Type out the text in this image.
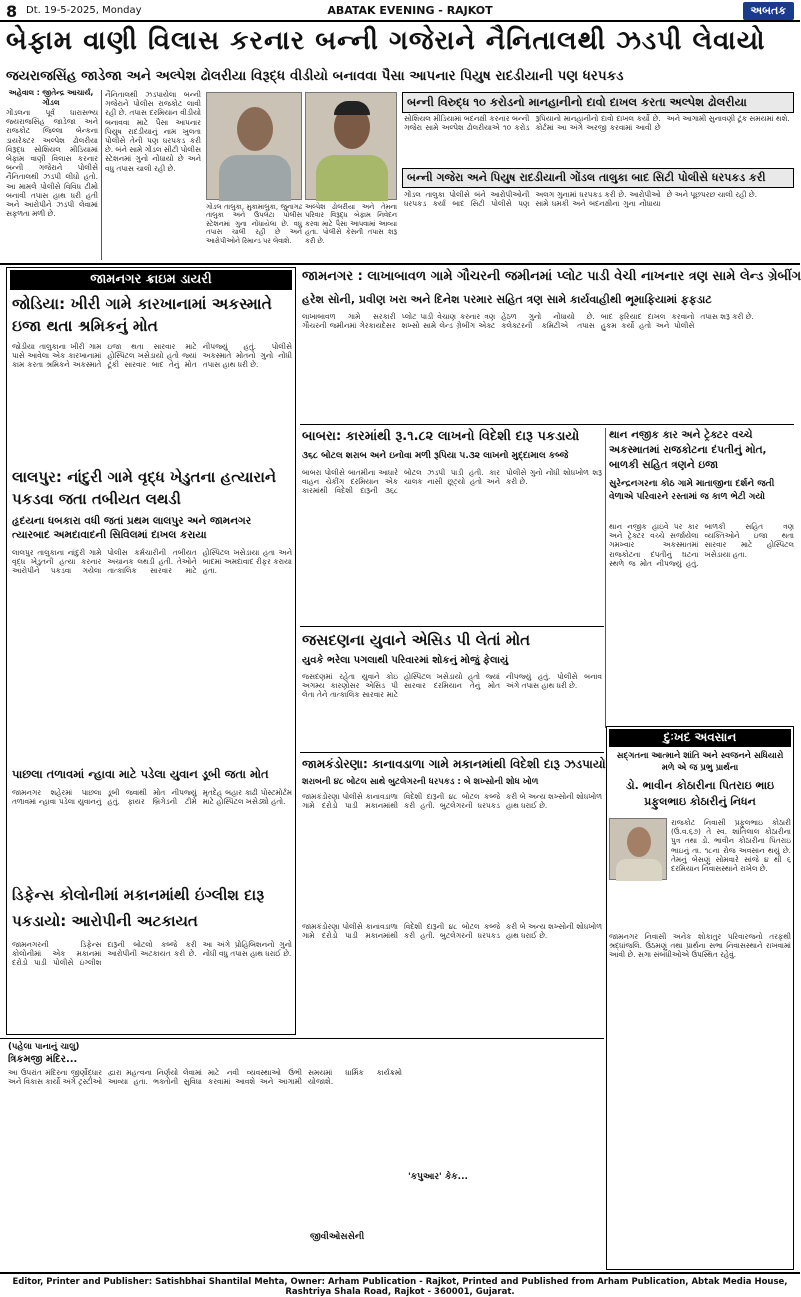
8 Dt. 19-5-2025, Monday	ABATAK EVENING - RAJKOT	અબતક
બેફામ વાણી વિલાસ કરનાર બન્ની ગજેરાને નૈનિતાલથી ઝડપી લેવાયો
જયરાજસિંહ જાડેજા અને અલ્પેશ ઢોલરીયા વિરૂદ્ધ વીડીયો બનાવવા પૈસા આપનાર પિયુષ રાદડીયાની પણ ધરપકડ
અહેવાલ : જીતેન્દ્ર આચાર્ય, ગોંડલ
ગોંડલના પૂર્વ ધારાસભ્ય જયરાજસિંહ જાડેજા અને રાજકોટ જિલ્લા બેન્કના ડાયરેક્ટર અલ્પેશ ઢોલરીયા વિરૂદ્ધ સોશિયલ મીડિયામાં બેફામ વાણી વિલાસ કરનાર બન્ની ગજેરાને પોલીસે નૈનિતાલથી ઝડપી લીધો હતો. આ મામલે પોલીસે વિવિધ ટીમો બનાવી તપાસ હાથ ધરી હતી અને આરોપીને ઝડપી લેવામાં સફળતા મળી છે.
નૈનિતાલથી ઝડપાયેલા બન્ની ગજેરાને પોલીસ રાજકોટ લાવી રહી છે. તપાસ દરમિયાન વીડીયો બનાવવા માટે પૈસા આપનાર પિયુષ રાદડીયાનું નામ ખુલતા પોલીસે તેની પણ ધરપકડ કરી છે. બંને સામે ગોંડલ સીટી પોલીસ સ્ટેશનમાં ગુનો નોંધાયો છે અને વધુ તપાસ ચાલી રહી છે.
ગોંડલ તાલુકા, મુકામાલુકા, જુનાગઢ તાલુકા અને ઉપલેટા પોલીસ સ્ટેશનમાં ગુના નોંધાયેલા છે. વધુ તપાસ ચાલી રહી છે અને આરોપીઓને રિમાન્ડ પર લેવાશે.
અલ્પેશ ઢોલરીયા અને તેમના પરિવાર વિરૂદ્ધ બેફામ નિવેદન કરવા માટે પૈસા આપવામાં આવ્યા હતા. પોલીસે કેસની તપાસ શરૂ કરી છે.
બન્ની વિરુદ્ધ ૧૦ કરોડનો માનહાનીનો દાવો દાખલ કરતા અલ્પેશ ઢોલરીયા
સોશિયલ મીડિયામાં બદનક્ષી કરનાર બન્ની ગજેરા સામે અલ્પેશ ઢોલરીયાએ ૧૦ કરોડ રૂપિયાનો માનહાનીનો દાવો દાખલ કર્યો છે. કોર્ટમાં આ અંગે અરજી કરવામાં આવી છે અને આગામી સુનાવણી ટૂંક સમયમાં થશે.
બન્ની ગજેરા અને પિયુષ રાદડીયાની ગોંડલ તાલુકા બાદ સિટી પોલીસે ધરપકડ કરી
ગોંડલ તાલુકા પોલીસે બંને આરોપીઓની ધરપકડ કર્યા બાદ સિટી પોલીસે પણ અલગ ગુનામાં ધરપકડ કરી છે. આરોપીઓ સામે ધમકી અને બદનક્ષીના ગુના નોંધાયા છે અને પૂછપરછ ચાલી રહી છે.
જામનગર ક્રાઇમ ડાયરી
જોડિયા: ખીરી ગામે કારખાનામાં અકસ્માતે ઇજા થતા શ્રમિકનું મોત
જોડીયા તાલુકાના ખીરી ગામ પાસે આવેલા એક કારખાનામાં કામ કરતા શ્રમિકને અકસ્માતે ઇજા થતા સારવાર માટે હોસ્પિટલ ખસેડાયો હતો જ્યાં ટૂંકી સારવાર બાદ તેનું મોત નીપજ્યું હતું. પોલીસે અકસ્માતે મોતનો ગુનો નોંધી તપાસ હાથ ધરી છે.
લાલપુર: નાંદુરી ગામે વૃદ્ધ ખેડુતના હત્યારાને પકડવા જતા તબીયત લથડી
હૃદયના ધબકારા વધી જતાં પ્રથમ લાલપુર અને જામનગર ત્યારબાદ અમદાવાદની સિવિલમાં દાખલ કરાયા
લાલપુર તાલુકાના નાંદુરી ગામે વૃદ્ધ ખેડુતની હત્યા કરનાર આરોપીને પકડવા ગયેલા પોલીસ કર્મચારીની તબીયત અચાનક લથડી હતી. તેઓને તાત્કાલિક સારવાર માટે હોસ્પિટલ ખસેડાયા હતા અને બાદમાં અમદાવાદ રીફર કરાયા હતા.
પાછલા તળાવમાં ન્હાવા માટે પડેલા યુવાન ડૂબી જતા મોત
જામનગર શહેરમાં પાછલા તળાવમાં ન્હાવા પડેલા યુવાનનું ડૂબી જવાથી મોત નીપજ્યું હતું. ફાયર બ્રિગેડની ટીમે મૃતદેહ બહાર કાઢી પોસ્ટમોર્ટમ માટે હોસ્પિટલ ખસેડ્યો હતો.
ડિફેન્સ કોલોનીમાં મકાનમાંથી ઇંગ્લીશ દારૂ પકડાયો: આરોપીની અટકાયત
જામનગરની ડિફેન્સ કોલોનીમાં એક મકાનમાં દરોડો પાડી પોલીસે ઇંગ્લીશ દારૂની બોટલો કબ્જે કરી આરોપીની અટકાયત કરી છે. આ અંગે પ્રોહિબિશનનો ગુનો નોંધી વધુ તપાસ હાથ ધરાઈ છે.
જામનગર : લાખાબાવળ ગામે ગૌચરની જમીનમાં પ્લોટ પાડી વેચી નાખનાર ત્રણ સામે લેન્ડ ગ્રેબીંગ
હરેશ સોની, પ્રવીણ ખરા અને દિનેશ પરમાર સહિત ત્રણ સામે કાર્યવાહીથી ભૂમાફિયામાં ફફડાટ
લાખાબાવળ ગામે સરકારી ગૌચરની જમીનમાં ગેરકાયદેસર પ્લોટ પાડી વેચાણ કરનાર ત્રણ શખ્સો સામે લેન્ડ ગ્રેબીંગ એક્ટ હેઠળ ગુનો નોંધાયો છે. કલેક્ટરની કમિટીએ તપાસ બાદ ફરિયાદ દાખલ કરવાનો હુકમ કર્યો હતો અને પોલીસે તપાસ શરૂ કરી છે.
બાબરા: કારમાંથી રૂ.૧.૮૨ લાખનો વિદેશી દારૂ પકડાયો
૩૬૮ બોટલ શરાબ અને ઇનોવા મળી રૂપિયા ૫.૩૨ લાખનો મુદ્દામાલ કબ્જે
બાબરા પોલીસે બાતમીના આધારે વાહન ચેકીંગ દરમિયાન એક કારમાંથી વિદેશી દારૂની ૩૬૮ બોટલ ઝડપી પાડી હતી. કાર ચાલક નાસી છૂટ્યો હતો અને પોલીસે ગુનો નોંધી શોધખોળ શરૂ કરી છે.
થાન નજીક કાર અને ટ્રેક્ટર વચ્ચે અકસ્માતમાં રાજકોટના દંપતીનું મોત, બાળકી સહિત ત્રણને ઇજા
સુરેન્દ્રનગરના કોઠ ગામે માતાજીના દર્શને જતી વેળાએ પરિવારને રસ્તામાં જ કાળ ભેટી ગયો
થાન નજીક હાઇવે પર કાર અને ટ્રેક્ટર વચ્ચે સર્જાયેલા ગમખ્વાર અકસ્માતમાં રાજકોટના દંપતીનું ઘટના સ્થળે જ મોત નીપજ્યું હતું. બાળકી સહિત ત્રણ વ્યક્તિઓને ઇજા થતા સારવાર માટે હોસ્પિટલ ખસેડાયા હતા.
જસદણના યુવાને એસિડ પી લેતાં મોત
યુવકે ભરેલા પગલાથી પરિવારમાં શોકનું મોજું ફેલાયું
જસદણમાં રહેતા યુવાને કોઇ અગમ્ય કારણોસર એસિડ પી લેતા તેને તાત્કાલિક સારવાર માટે હોસ્પિટલ ખસેડાયો હતો જ્યાં સારવાર દરમિયાન તેનું મોત નીપજ્યું હતું. પોલીસે બનાવ અંગે તપાસ હાથ ધરી છે.
જામકંડોરણા: કાનાવડાળા ગામે મકાનમાંથી વિદેશી દારૂ ઝડપાયો
શરાબની ૪૮ બોટલ સાથે બુટલેગરની ધરપકડ : બે શખ્સોની શોધ ખોળ
જામકંડોરણા પોલીસે કાનાવડાળા ગામે દરોડો પાડી મકાનમાંથી વિદેશી દારૂની ૪૮ બોટલ કબ્જે કરી હતી. બુટલેગરની ધરપકડ કરી બે અન્ય શખ્સોની શોધખોળ હાથ ધરાઈ છે.
દુઃખદ અવસાન
સદ્ગતના આત્માને શાંતિ અને સ્વજનને સધિયારો મળે એ જ પ્રભુ પ્રાર્થના
ડો. ભાવીન કોઠારીના પિતરાઇ ભાઇ પ્રફુલભાઇ કોઠારીનું નિધન
રાજકોટ નિવાસી પ્રફુલભાઇ કોઠારી (ઉ.વ.૬૭) તે સ્વ. શાંતિલાલ કોઠારીના પુત્ર તથા ડો. ભાવીન કોઠારીના પિતરાઇ ભાઇનું તા. ૧૮ના રોજ અવસાન થયું છે. તેમનું બેસણું સોમવારે સાંજે ૪ થી ૬ દરમિયાન નિવાસસ્થાને રાખેલ છે.
જામનગર નિવાસી અનેક શોકાતુર પરિવારજનો તરફથી શ્રદ્ધાંજલિ. ઉઠમણું તથા પ્રાર્થના સભા નિવાસસ્થાને રાખવામાં આવી છે. સગા સંબંધીઓએ ઉપસ્થિત રહેવું.
જામકંડોરણા પોલીસે કાનાવડાળા ગામે દરોડો પાડી મકાનમાંથી વિદેશી દારૂની ૪૮ બોટલ કબ્જે કરી હતી. બુટલેગરની ધરપકડ કરી બે અન્ય શખ્સોની શોધખોળ હાથ ધરાઈ છે.
(પહેલા પાનાનું ચાલુ)
ત્રિકમજી મંદિર...
આ ઉપરાંત મંદિરના જીર્ણોદ્ધાર અને વિકાસ કાર્યો અંગે ટ્રસ્ટીઓ દ્વારા મહત્વના નિર્ણયો લેવામાં આવ્યા હતા. ભક્તોની સુવિધા માટે નવી વ્યવસ્થાઓ ઉભી કરવામાં આવશે અને આગામી સમયમાં ધાર્મિક કાર્યક્રમો યોજાશે.
'કપુઆર' કેક...
જીવીઓસસેની
Editor, Printer and Publisher: Satishbhai Shantilal Mehta, Owner: Arham Publication - Rajkot, Printed and Published from Arham Publication, Abtak Media House, Rashtriya Shala Road, Rajkot - 360001, Gujarat.
